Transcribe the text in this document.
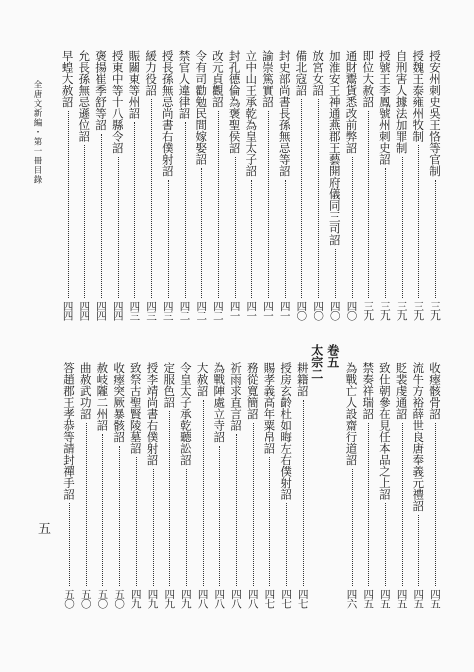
全唐文新編・第一冊目錄
五
授安州刺史吳王恪等官制
三九
授魏王泰雍州牧制
三九
自刑害人據法加罪制
三九
授號王李鳳號州刺史詔
三九
即位大赦詔
三九
通財鬻貨悉改前弊詔
四〇
加淮安王神通燕郡王藝開府儀同三司詔
四〇
放宮女詔
四〇
備北寇詔
四〇
封史部尚書長孫無忌等詔
四一
諭崇篤實詔
四一
立中山王承乾為皇太子詔
四一
封孔德倫為褒聖侯詔
四一
改元貞觀詔
四二
令有司勸勉民間嫁娶詔
四二
禁官人違律詔
四二
授長孫無忌尚書右僕射詔
四三
緩力役詔
四三
賑關東等州詔
四三
授東中等十八縣令詔
四四
褒揚崔季舒等詔
四四
允長孫無忌遜位詔
四四
早蝗大赦詔
四四
收瘞骸骨詔
四五
流牛方裕薛世良唐奉義元禮詔
四五
貶裴虔通詔
四五
致仕朝參在見任本品之上詔
四五
禁奏祥瑞詔
四五
為戰亡人設齋行道詔
四六
卷五
太宗二
耕籍詔
四七
授房玄齡杜如晦左右僕射詔
四七
賜孝義高年粟帛詔
四七
務從寬簡詔
四八
祈雨求直言詔
四八
為戰陣處立寺詔
四八
大赦詔
四八
令皇太子承乾聽訟詔
四九
定服色詔
四九
授李靖尚書右僕射詔
四九
致祭古聖賢陵墓詔
四九
收瘞突厥暴骸詔
五〇
赦岐隴二州詔
五〇
曲赦武功詔
五〇
答趙郡王孝恭等請封禪手詔
五〇
